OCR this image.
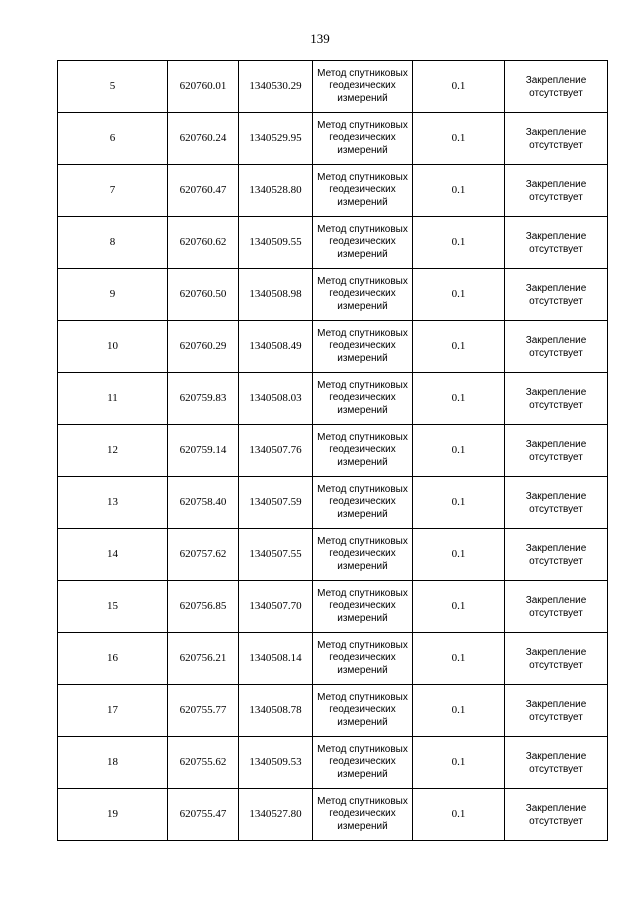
139
5	620760.01	1340530.29	Метод спутниковых геодезических измерений	0.1	Закрепление отсутствует
6	620760.24	1340529.95	Метод спутниковых геодезических измерений	0.1	Закрепление отсутствует
7	620760.47	1340528.80	Метод спутниковых геодезических измерений	0.1	Закрепление отсутствует
8	620760.62	1340509.55	Метод спутниковых геодезических измерений	0.1	Закрепление отсутствует
9	620760.50	1340508.98	Метод спутниковых геодезических измерений	0.1	Закрепление отсутствует
10	620760.29	1340508.49	Метод спутниковых геодезических измерений	0.1	Закрепление отсутствует
11	620759.83	1340508.03	Метод спутниковых геодезических измерений	0.1	Закрепление отсутствует
12	620759.14	1340507.76	Метод спутниковых геодезических измерений	0.1	Закрепление отсутствует
13	620758.40	1340507.59	Метод спутниковых геодезических измерений	0.1	Закрепление отсутствует
14	620757.62	1340507.55	Метод спутниковых геодезических измерений	0.1	Закрепление отсутствует
15	620756.85	1340507.70	Метод спутниковых геодезических измерений	0.1	Закрепление отсутствует
16	620756.21	1340508.14	Метод спутниковых геодезических измерений	0.1	Закрепление отсутствует
17	620755.77	1340508.78	Метод спутниковых геодезических измерений	0.1	Закрепление отсутствует
18	620755.62	1340509.53	Метод спутниковых геодезических измерений	0.1	Закрепление отсутствует
19	620755.47	1340527.80	Метод спутниковых геодезических измерений	0.1	Закрепление отсутствует
